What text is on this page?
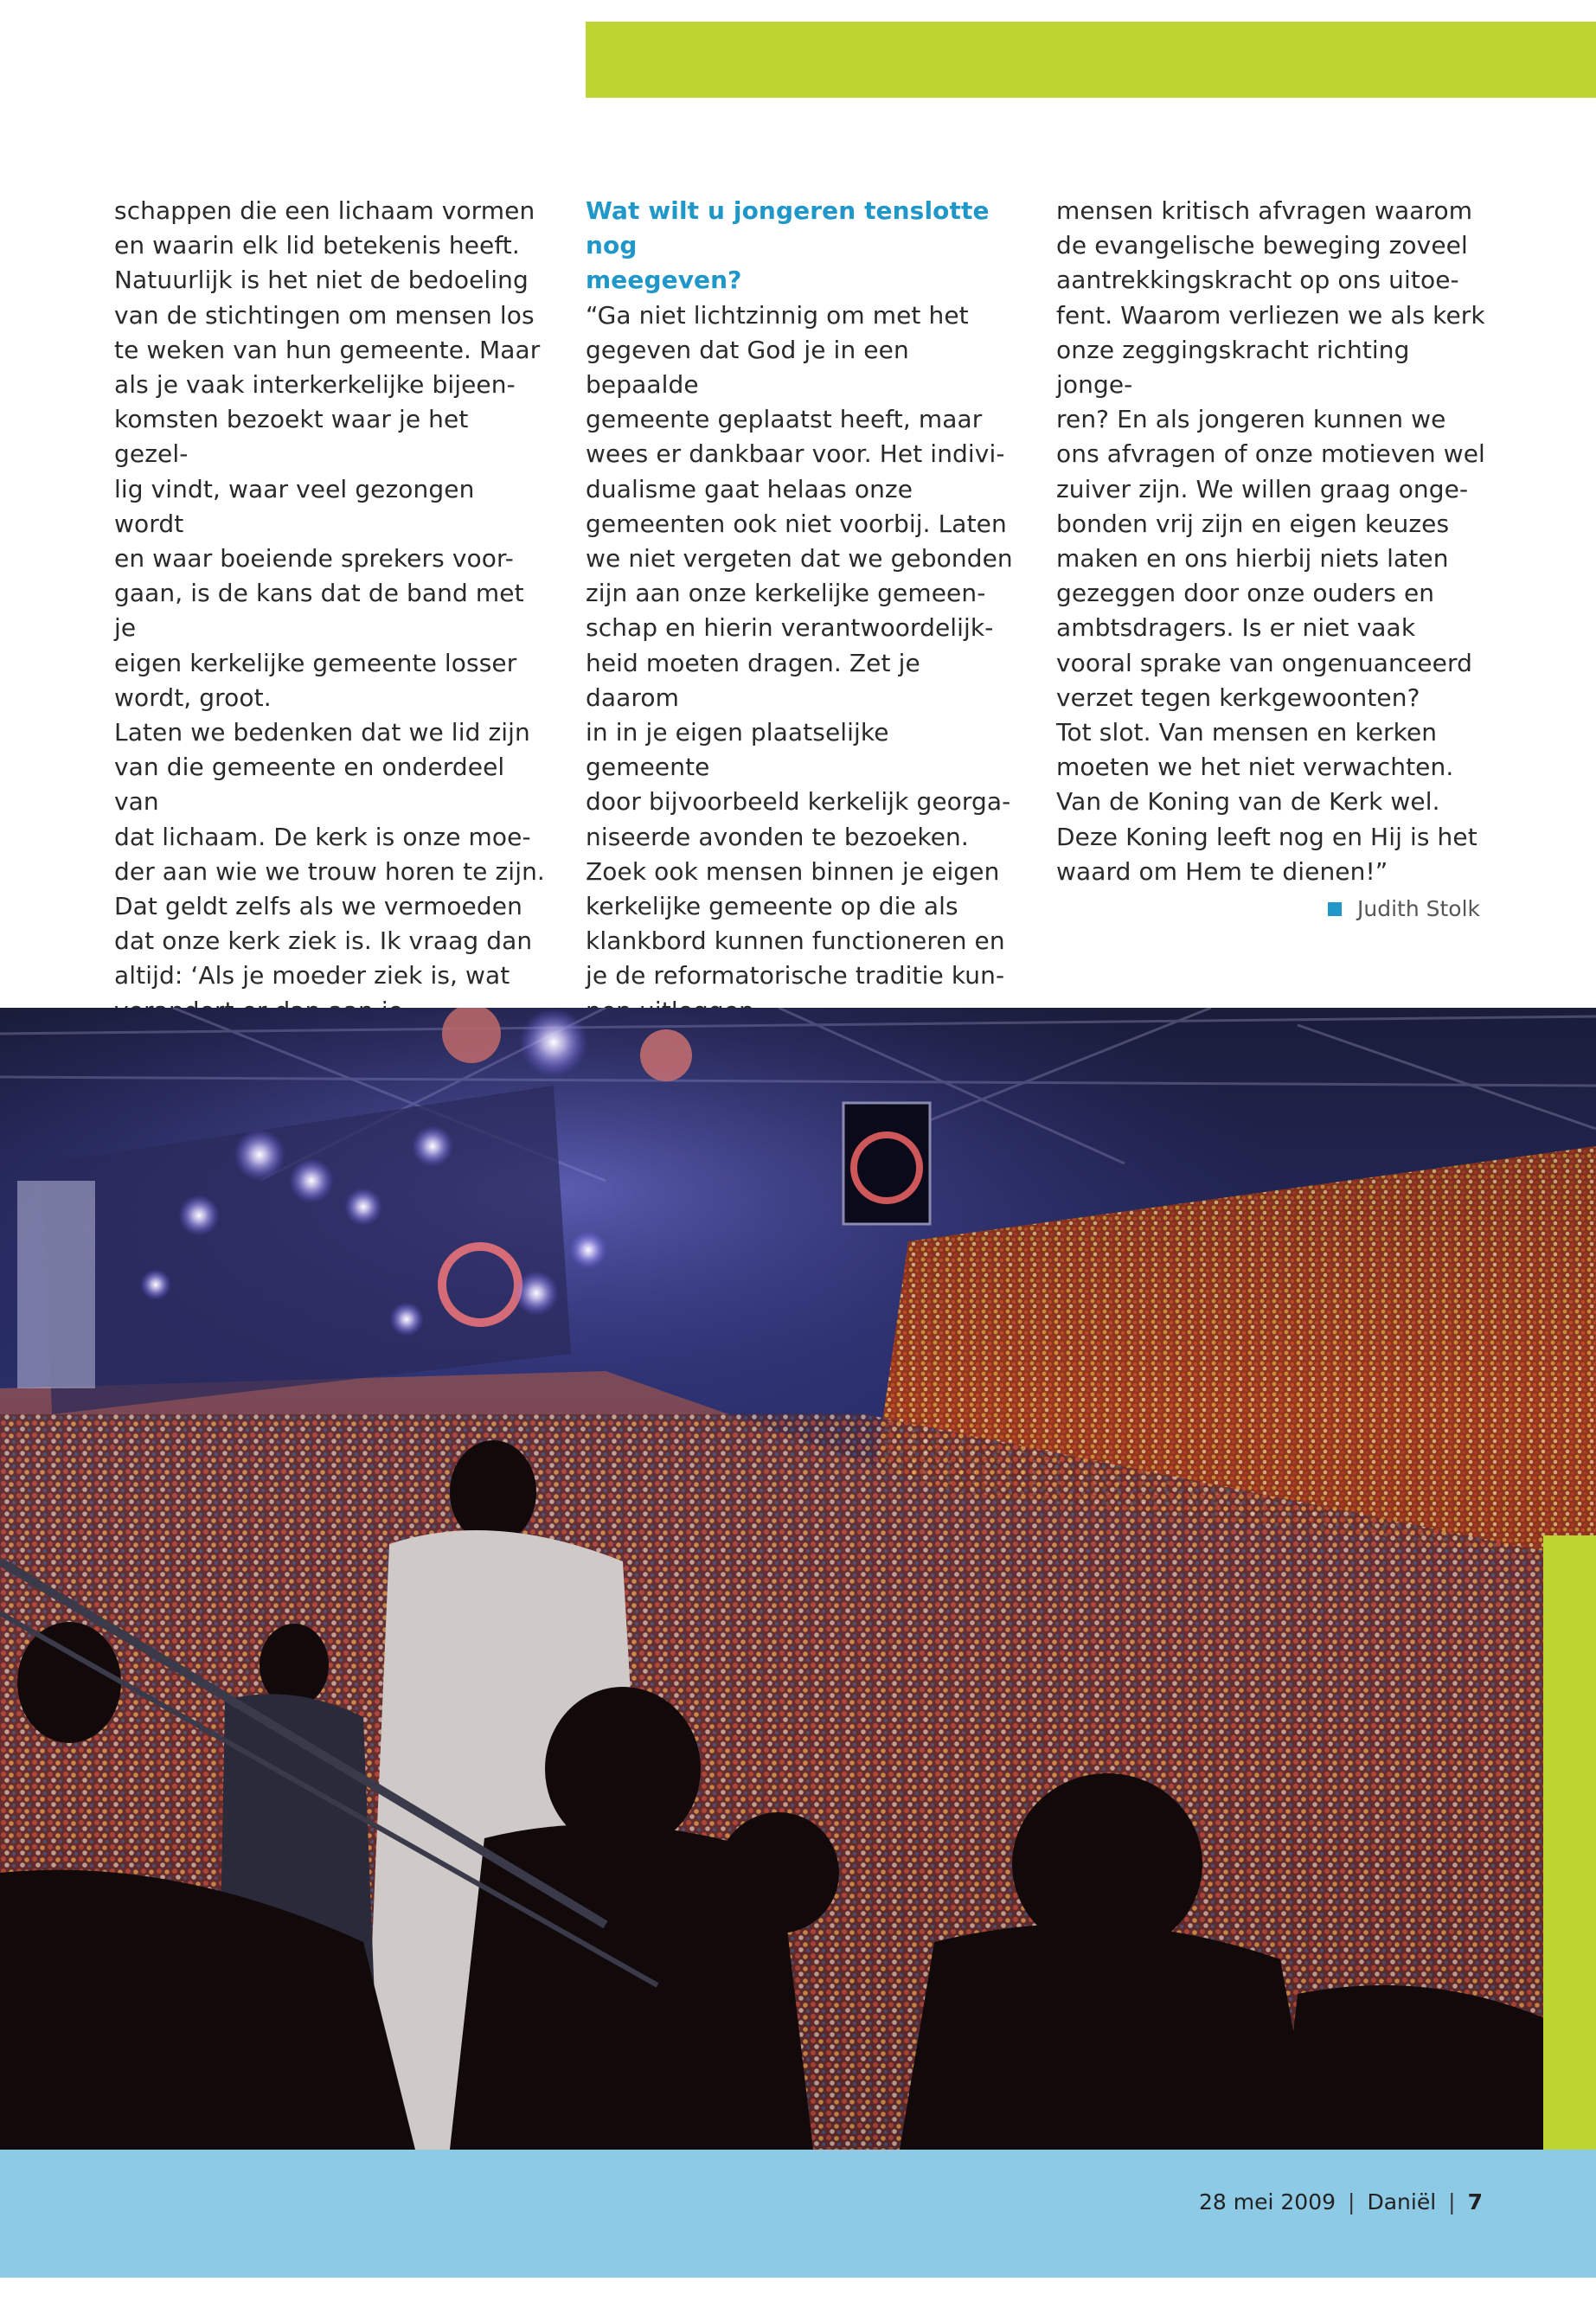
schappen die een lichaam vormen

en waarin elk lid betekenis heeft.

Natuurlijk is het niet de bedoeling

van de stichtingen om mensen los

te weken van hun gemeente. Maar

als je vaak interkerkelijke bijeen-

komsten bezoekt waar je het gezel-

lig vindt, waar veel gezongen wordt

en waar boeiende sprekers voor-

gaan, is de kans dat de band met je

eigen kerkelijke gemeente losser

wordt, groot.

Laten we bedenken dat we lid zijn

van die gemeente en onderdeel van

dat lichaam. De kerk is onze moe-

der aan wie we trouw horen te zijn.

Dat geldt zelfs als we vermoeden

dat onze kerk ziek is. Ik vraag dan

altijd: ‘Als je moeder ziek is, wat

Wat wilt u jongeren tenslotte nog

meegeven?

“Ga niet lichtzinnig om met het

gegeven dat God je in een bepaalde

gemeente geplaatst heeft, maar

wees er dankbaar voor. Het indivi-

dualisme gaat helaas onze

gemeenten ook niet voorbij. Laten

we niet vergeten dat we gebonden

zijn aan onze kerkelijke gemeen-

schap en hierin verantwoordelijk-

heid moeten dragen. Zet je daarom

in in je eigen plaatselijke gemeente

door bijvoorbeeld kerkelijk georga-

niseerde avonden te bezoeken.

Zoek ook mensen binnen je eigen

kerkelijke gemeente op die als

klankbord kunnen functioneren en

je de reformatorische traditie kun-

mensen kritisch afvragen waarom

de evangelische beweging zoveel

aantrekkingskracht op ons uitoe-

fent. Waarom verliezen we als kerk

onze zeggingskracht richting jonge-

ren? En als jongeren kunnen we

ons afvragen of onze motieven wel

zuiver zijn. We willen graag onge-

bonden vrij zijn en eigen keuzes

maken en ons hierbij niets laten

gezeggen door onze ouders en

ambtsdragers. Is er niet vaak

vooral sprake van ongenuanceerd

verzet tegen kerkgewoonten?

Tot slot. Van mensen en kerken

moeten we het niet verwachten.

Van de Koning van de Kerk wel.

Deze Koning leeft nog en Hij is het

waard om Hem te dienen!”

Judith Stolk
28 mei 2009 | Daniël | 7
